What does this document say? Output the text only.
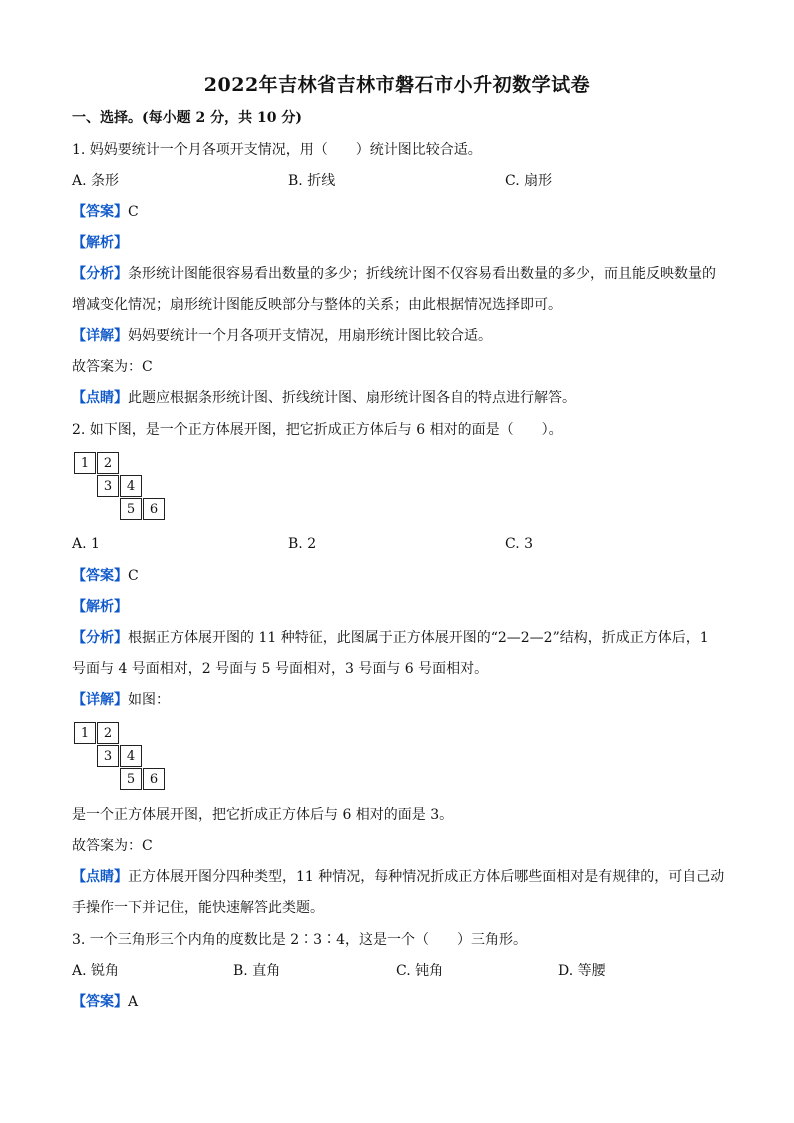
2022年吉林省吉林市磐石市小升初数学试卷
一、选择。(每小题 2 分，共 10 分)
1. 妈妈要统计一个月各项开支情况，用（　　）统计图比较合适。
A. 条形	B. 折线	C. 扇形
【答案】C
【解析】
【分析】条形统计图能很容易看出数量的多少；折线统计图不仅容易看出数量的多少，而且能反映数量的
增减变化情况；扇形统计图能反映部分与整体的关系；由此根据情况选择即可。
【详解】妈妈要统计一个月各项开支情况，用扇形统计图比较合适。
故答案为：C
【点睛】此题应根据条形统计图、折线统计图、扇形统计图各自的特点进行解答。
2. 如下图，是一个正方体展开图，把它折成正方体后与 6 相对的面是（　　）。
1	2
3	4
5	6
A. 1	B. 2	C. 3
【答案】C
【解析】
【分析】根据正方体展开图的 11 种特征，此图属于正方体展开图的“2—2—2”结构，折成正方体后，1
号面与 4 号面相对，2 号面与 5 号面相对，3 号面与 6 号面相对。
【详解】如图：
1	2
3	4
5	6
是一个正方体展开图，把它折成正方体后与 6 相对的面是 3。
故答案为：C
【点睛】正方体展开图分四种类型，11 种情况，每种情况折成正方体后哪些面相对是有规律的，可自己动
手操作一下并记住，能快速解答此类题。
3. 一个三角形三个内角的度数比是 2∶3∶4，这是一个（　　）三角形。
A. 锐角	B. 直角	C. 钝角	D. 等腰
【答案】A
